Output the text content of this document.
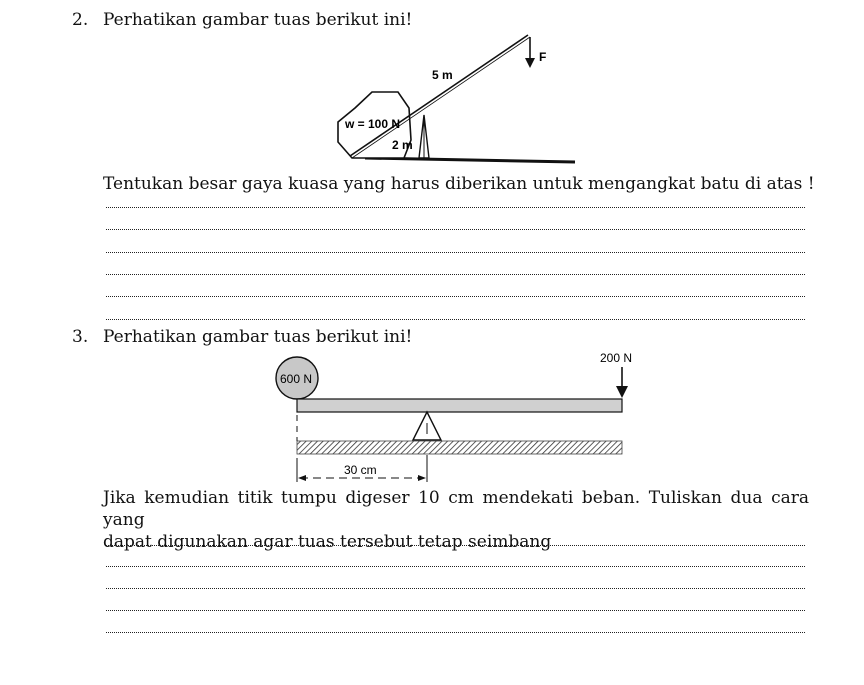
2. Perhatikan gambar tuas berikut ini!
w = 100 N
2 m
5 m
F
Tentukan besar gaya kuasa yang harus diberikan untuk mengangkat batu di atas !
3. Perhatikan gambar tuas berikut ini!
600 N
200 N
30 cm
Jika kemudian titik tumpu digeser 10 cm mendekati beban. Tuliskan dua cara yang
dapat digunakan agar tuas tersebut tetap seimbang
